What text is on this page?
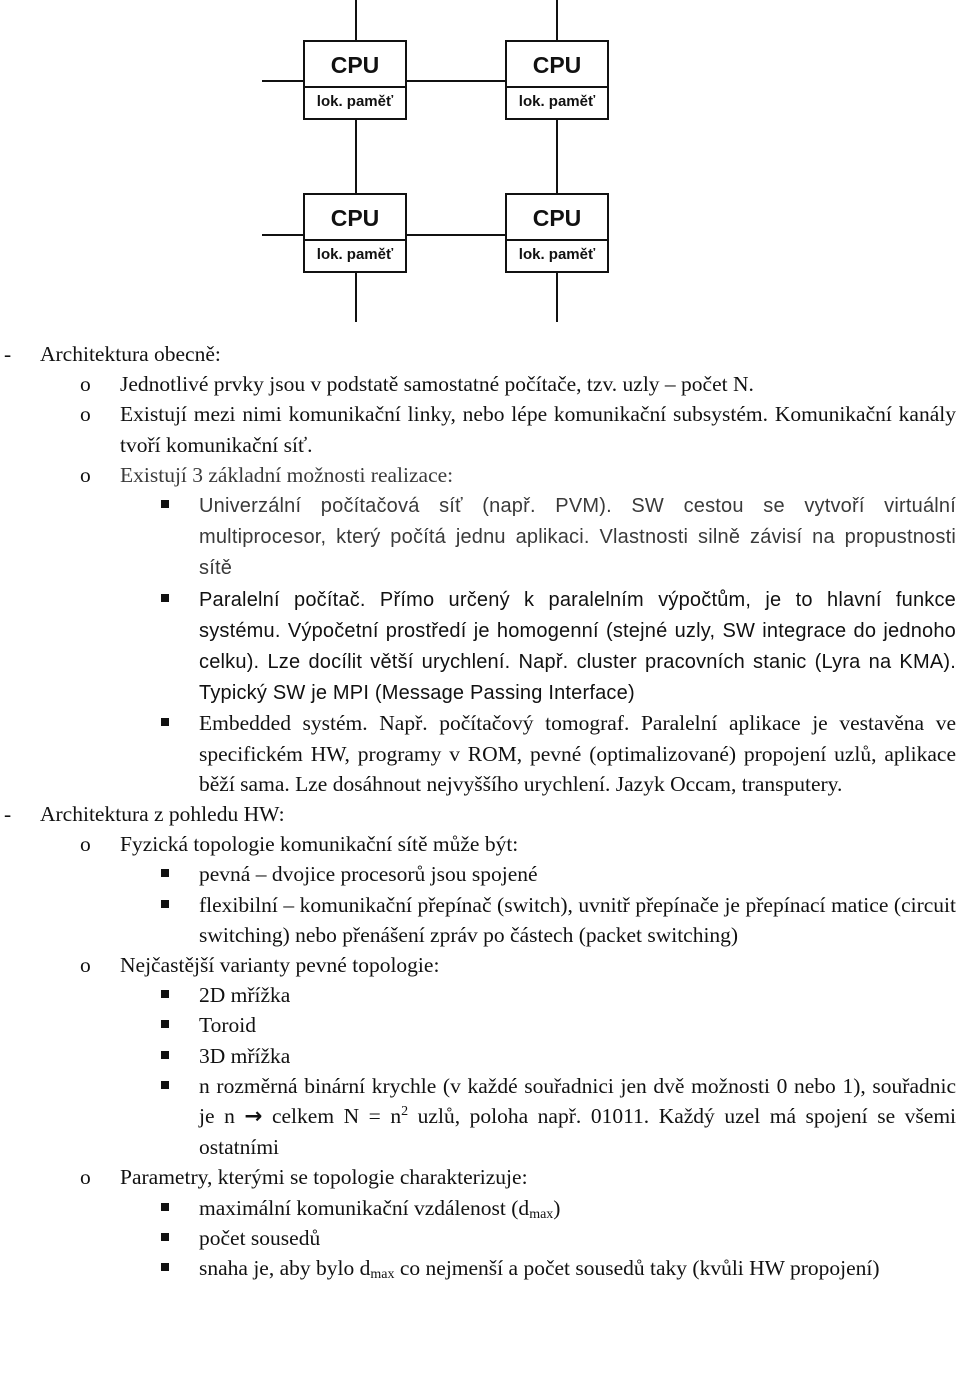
CPU
lok. paměť
CPU
lok. paměť
CPU
lok. paměť
CPU
lok. paměť
- Architektura obecně:
o Jednotlivé prvky jsou v podstatě samostatné počítače, tzv. uzly – počet N.
o Existují mezi nimi komunikační linky, nebo lépe komunikační subsystém. Komunikační kanály tvoří komunikační síť.
o Existují 3 základní možnosti realizace:
Univerzální počítačová síť (např. PVM). SW cestou se vytvoří virtuální multiprocesor, který počítá jednu aplikaci. Vlastnosti silně závisí na propustnosti sítě
Paralelní počítač. Přímo určený k paralelním výpočtům, je to hlavní funkce systému. Výpočetní prostředí je homogenní (stejné uzly, SW integrace do jednoho celku). Lze docílit větší urychlení. Např. cluster pracovních stanic (Lyra na KMA). Typický SW je MPI (Message Passing Interface)
Embedded systém. Např. počítačový tomograf. Paralelní aplikace je vestavěna ve specifickém HW, programy v ROM, pevné (optimalizované) propojení uzlů, aplikace běží sama. Lze dosáhnout nejvyššího urychlení. Jazyk Occam, transputery.
- Architektura z pohledu HW:
o Fyzická topologie komunikační sítě může být:
pevná – dvojice procesorů jsou spojené
flexibilní – komunikační přepínač (switch), uvnitř přepínače je přepínací matice (circuit switching) nebo přenášení zpráv po částech (packet switching)
o Nejčastější varianty pevné topologie:
2D mřížka
Toroid
3D mřížka
n rozměrná binární krychle (v každé souřadnici jen dvě možnosti 0 nebo 1), souřadnic je n → celkem $N = n^2$ uzlů, poloha např. 01011. Každý uzel má spojení se všemi ostatními
o Parametry, kterými se topologie charakterizuje:
maximální komunikační vzdálenost $(d_{max})$
počet sousedů
snaha je, aby bylo $d_{max}$ co nejmenší a počet sousedů taky (kvůli HW propojení)
